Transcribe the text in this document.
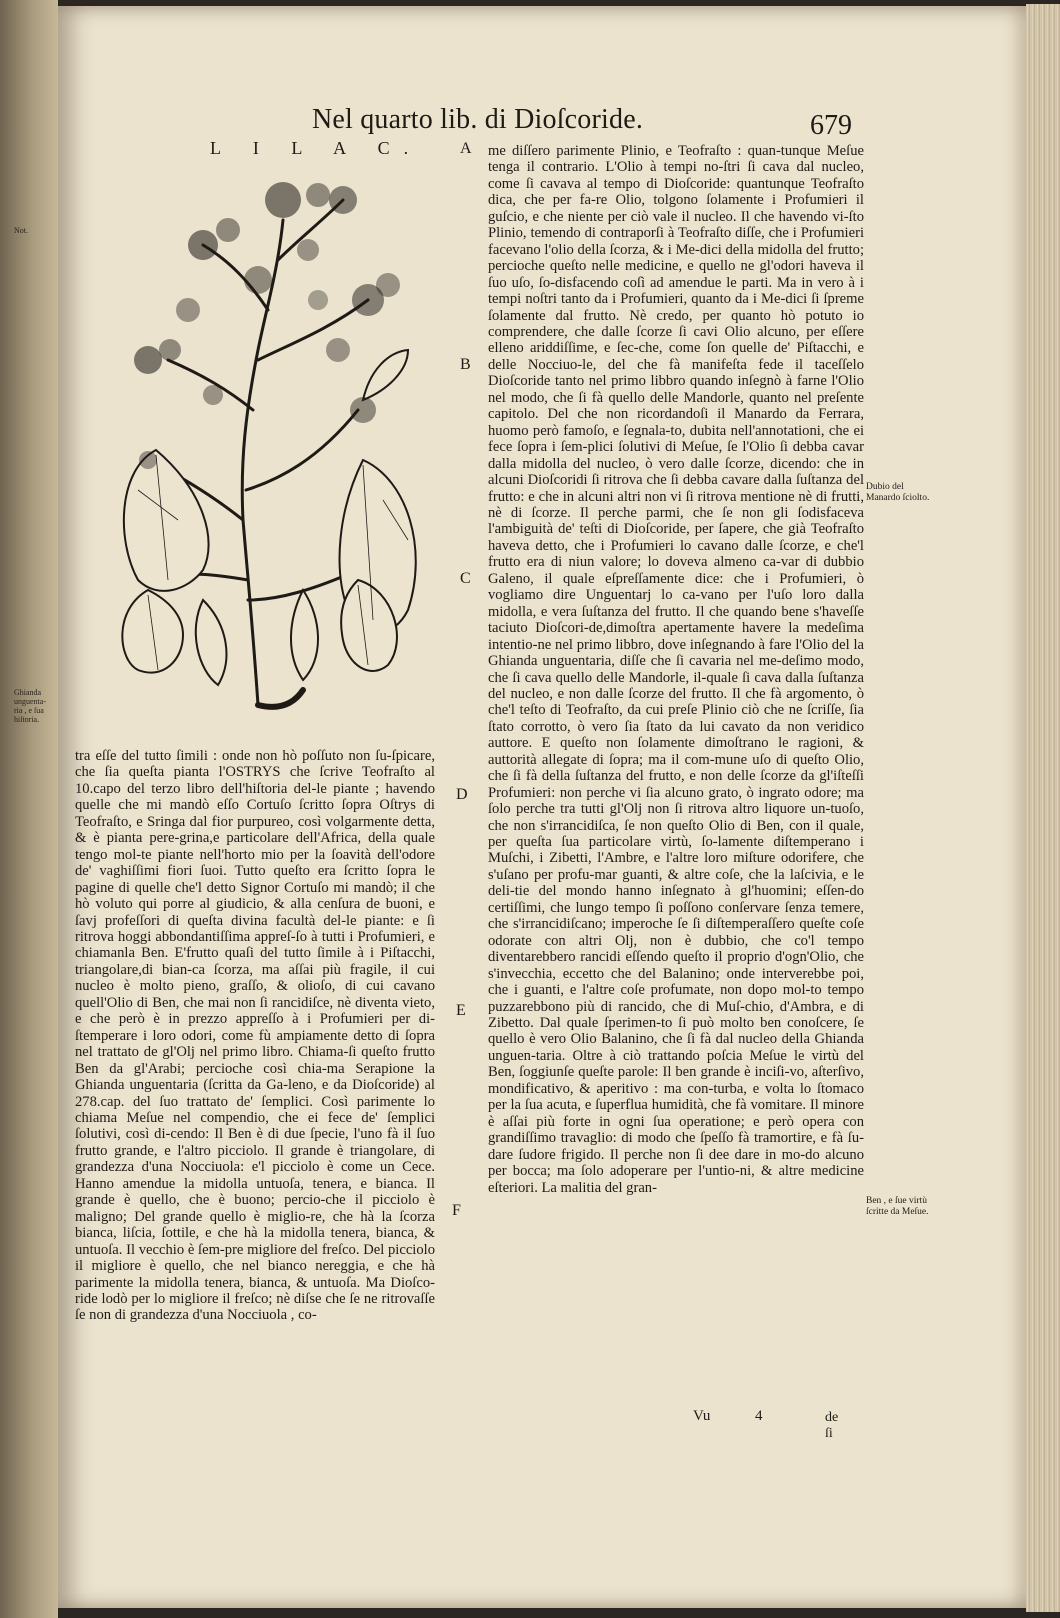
Not.
Ghianda unguenta-ria , e ſua hiſtoria.
Nel quarto lib. di Dioſcoride.	679
L I L A C. A
B
C
D
E
F

tra eſſe del tutto ſimili : onde non hò poſſuto non ſu-ſpicare, che ſia queſta pianta l'OSTRYS che ſcrive Teofraſto al 10.capo del terzo libro dell'hiſtoria del-le piante ; havendo quelle che mi mandò eſſo Cortuſo ſcritto ſopra Oſtrys di Teofraſto, e Sringa dal fior purpureo, così volgarmente detta, & è pianta pere-grina,e particolare dell'Africa, della quale tengo mol-te piante nell'horto mio per la ſoavità dell'odore de' vaghiſſimi fiori ſuoi. Tutto queſto era ſcritto ſopra le pagine di quelle che'l detto Signor Cortuſo mi mandò; il che hò voluto qui porre al giudicio, & alla cenſura de buoni, e ſavj profeſſori di queſta divina facultà del-le piante: e ſi ritrova hoggi abbondantiſſima appreſ-ſo à tutti i Profumieri, e chiamanla Ben. E'frutto quaſi del tutto ſimile à i Piſtacchi, triangolare,di bian-ca ſcorza, ma aſſai più fragile, il cui nucleo è molto pieno, graſſo, & olioſo, di cui cavano quell'Olio di Ben, che mai non ſi rancidiſce, nè diventa vieto, e che però è in prezzo appreſſo à i Profumieri per di-ſtemperare i loro odori, come fù ampiamente detto di ſopra nel trattato de gl'Olj nel primo libro. Chiama-ſi queſto frutto Ben da gl'Arabi; percioche così chia-ma Serapione la Ghianda unguentaria (ſcritta da Ga-leno, e da Dioſcoride) al 278.cap. del ſuo trattato de' ſemplici. Così parimente lo chiama Meſue nel compendio, che ei fece de' ſemplici ſolutivi, così di-cendo: Il Ben è di due ſpecie, l'uno fà il ſuo frutto grande, e l'altro picciolo. Il grande è triangolare, di grandezza d'una Nocciuola: e'l picciolo è come un Cece. Hanno amendue la midolla untuoſa, tenera, e bianca. Il grande è quello, che è buono; percio-che il picciolo è maligno; Del grande quello è miglio-re, che hà la ſcorza bianca, liſcia, ſottile, e che hà la midolla tenera, bianca, & untuoſa. Il vecchio è ſem-pre migliore del freſco. Del picciolo il migliore è quello, che nel bianco nereggia, e che hà parimente la midolla tenera, bianca, & untuoſa. Ma Dioſco-ride lodò per lo migliore il freſco; nè diſse che ſe ne ritrovaſſe ſe non di grandezza d'una Nocciuola , co-

me diſſero parimente Plinio, e Teofraſto : quan-tunque Meſue tenga il contrario. L'Olio à tempi no-ſtri ſi cava dal nucleo, come ſi cavava al tempo di Dioſcoride: quantunque Teofraſto dica, che per fa-re Olio, tolgono ſolamente i Profumieri il guſcio, e che niente per ciò vale il nucleo. Il che havendo vi-ſto Plinio, temendo di contraporſi à Teofraſto diſſe, che i Profumieri facevano l'olio della ſcorza, & i Me-dici della midolla del frutto; percioche queſto nelle medicine, e quello ne gl'odori haveva il ſuo uſo, ſo-disfacendo coſì ad amendue le parti. Ma in vero à i tempi noſtri tanto da i Profumieri, quanto da i Me-dici ſi ſpreme ſolamente dal frutto. Nè credo, per quanto hò potuto io comprendere, che dalle ſcorze ſi cavi Olio alcuno, per eſſere elleno ariddiſſime, e ſec-che, come ſon quelle de' Piſtacchi, e delle Nocciuo-le, del che fà manifeſta fede il taceſſelo Dioſcoride tanto nel primo libbro quando inſegnò à farne l'Olio nel modo, che ſi fà quello delle Mandorle, quanto nel preſente capitolo. Del che non ricordandoſi il Manardo da Ferrara, huomo però famoſo, e ſegnala-to, dubita nell'annotationi, che ei fece ſopra i ſem-plici ſolutivi di Meſue, ſe l'Olio ſi debba cavar dalla midolla del nucleo, ò vero dalle ſcorze, dicendo: che in alcuni Dioſcoridi ſi ritrova che ſi debba cavare dalla ſuſtanza del frutto: e che in alcuni altri non vi ſi ritrova mentione nè di frutti, nè di ſcorze. Il perche parmi, che ſe non gli ſodisfaceva l'ambiguità de' teſti di Dioſcoride, per ſapere, che già Teofraſto haveva detto, che i Profumieri lo cavano dalle ſcorze, e che'l frutto era di niun valore; lo doveva almeno ca-var di dubbio Galeno, il quale eſpreſſamente dice: che i Profumieri, ò vogliamo dire Unguentarj lo ca-vano per l'uſo loro dalla midolla, e vera ſuſtanza del frutto. Il che quando bene s'haveſſe taciuto Dioſcori-de,dimoſtra apertamente havere la medeſima intentio-ne nel primo libbro, dove inſegnando à fare l'Olio del la Ghianda unguentaria, diſſe che ſi cavaria nel me-deſimo modo, che ſi cava quello delle Mandorle, il-quale ſi cava dalla ſuſtanza del nucleo, e non dalle ſcorze del frutto. Il che fà argomento, ò che'l teſto di Teofraſto, da cui preſe Plinio ciò che ne ſcriſſe, ſia ſtato corrotto, ò vero ſia ſtato da lui cavato da non veridico auttore. E queſto non ſolamente dimoſtrano le ragioni, & auttorità allegate di ſopra; ma il com-mune uſo di queſto Olio, che ſi fà della ſuſtanza del frutto, e non delle ſcorze da gl'iſteſſi Profumieri: non perche vi ſia alcuno grato, ò ingrato odore; ma ſolo perche tra tutti gl'Olj non ſi ritrova altro liquore un-tuoſo, che non s'irrancidiſca, ſe non queſto Olio di Ben, con il quale, per queſta ſua particolare virtù, ſo-lamente diſtemperano i Muſchi, i Zibetti, l'Ambre, e l'altre loro miſture odorifere, che s'uſano per profu-mar guanti, & altre coſe, che la laſcivia, e le deli-tie del mondo hanno inſegnato à gl'huomini; eſſen-do certiſſimi, che lungo tempo ſi poſſono conſervare ſenza temere, che s'irrancidiſcano; imperoche ſe ſi diſtemperaſſero queſte coſe odorate con altri Olj, non è dubbio, che co'l tempo diventarebbero rancidi eſſendo queſto il proprio d'ogn'Olio, che s'invecchia, eccetto che del Balanino; onde interverebbe poi, che i guanti, e l'altre coſe profumate, non dopo mol-to tempo puzzarebbono più di rancido, che di Muſ-chio, d'Ambra, e di Zibetto. Dal quale ſperimen-to ſi può molto ben conoſcere, ſe quello è vero Olio Balanino, che ſi fà dal nucleo della Ghianda unguen-taria. Oltre à ciò trattando poſcia Meſue le virtù del Ben, ſoggiunſe queſte parole: Il ben grande è inciſi-vo, aſterſivo, mondificativo, & aperitivo : ma con-turba, e volta lo ſtomaco per la ſua acuta, e ſuperflua humidità, che fà vomitare. Il minore è aſſai più forte in ogni ſua operatione; e però opera con grandiſſimo travaglio: di modo che ſpeſſo fà tramortire, e fà ſu-dare ſudore frigido. Il perche non ſi dee dare in mo-do alcuno per bocca; ma ſolo adoperare per l'untio-ni, & altre medicine eſteriori. La malitia del gran-

Dubio del Manardo ſciolto.
Ben , e ſue virtù ſcritte da Meſue.
Vu	4	de ſi
